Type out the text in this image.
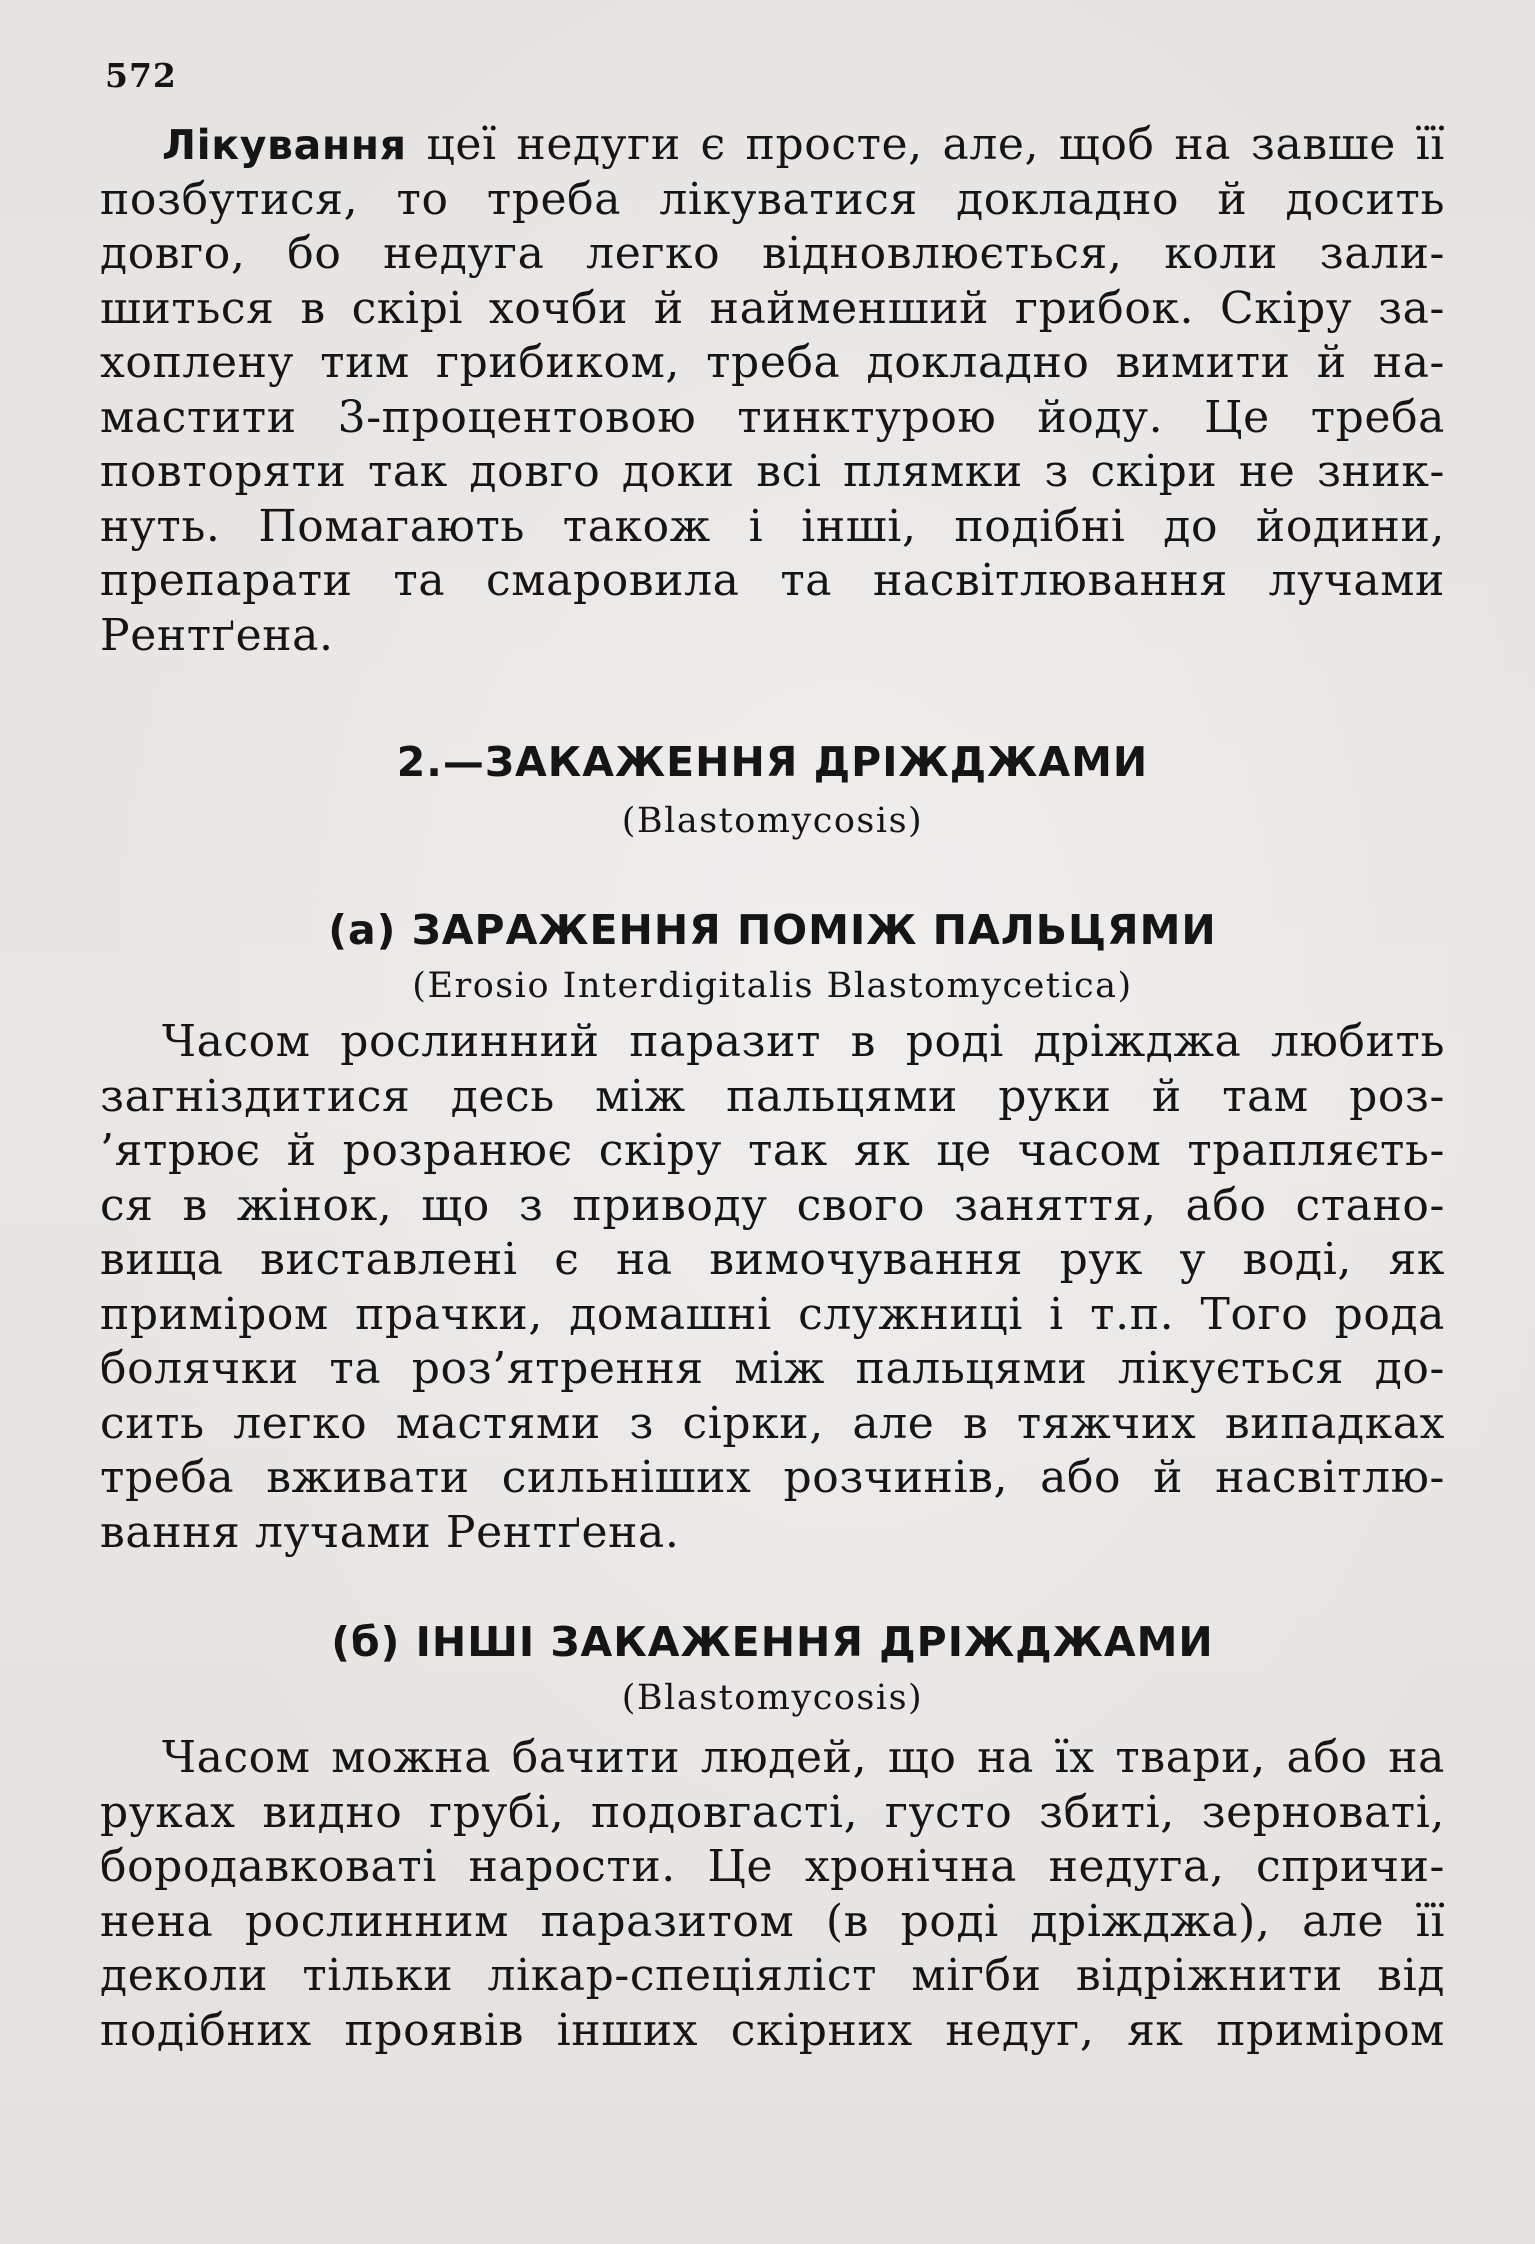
572
Лікування цеї недуги є просте, але, щоб на завше її
позбутися, то треба лікуватися докладно й досить
довго, бо недуга легко відновлюється, коли зали-
шиться в скірі хочби й найменший грибок. Скіру за-
хоплену тим грибиком, треба докладно вимити й на-
мастити 3-процентовою тинктурою йоду. Це треба
повторяти так довго доки всі плямки з скіри не зник-
нуть. Помагають також і інші, подібні до йодини,
препарати та смаровила та насвітлювання лучами
Рентґена.
2.—ЗАКАЖЕННЯ ДРІЖДЖАМИ
(Blastomycosis)
(а) ЗАРАЖЕННЯ ПОМІЖ ПАЛЬЦЯМИ
(Erosio Interdigitalis Blastomycetica)
Часом рослинний паразит в роді дріжджа любить
загніздитися десь між пальцями руки й там роз-
’ятрює й розранює скіру так як це часом трапляєть-
ся в жінок, що з приводу свого заняття, або стано-
вища виставлені є на вимочування рук у воді, як
приміром прачки, домашні служниці і т.п. Того рода
болячки та роз’ятрення між пальцями лікується до-
сить легко мастями з сірки, але в тяжчих випадках
треба вживати сильніших розчинів, або й насвітлю-
вання лучами Рентґена.
(б) ІНШІ ЗАКАЖЕННЯ ДРІЖДЖАМИ
(Blastomycosis)
Часом можна бачити людей, що на їх твари, або на
руках видно грубі, подовгасті, густо збиті, зерноваті,
бородавковаті нарости. Це хронічна недуга, спричи-
нена рослинним паразитом (в роді дріжджа), але її
деколи тільки лікар-спеціяліст мігби відріжнити від
подібних проявів інших скірних недуг, як приміром
